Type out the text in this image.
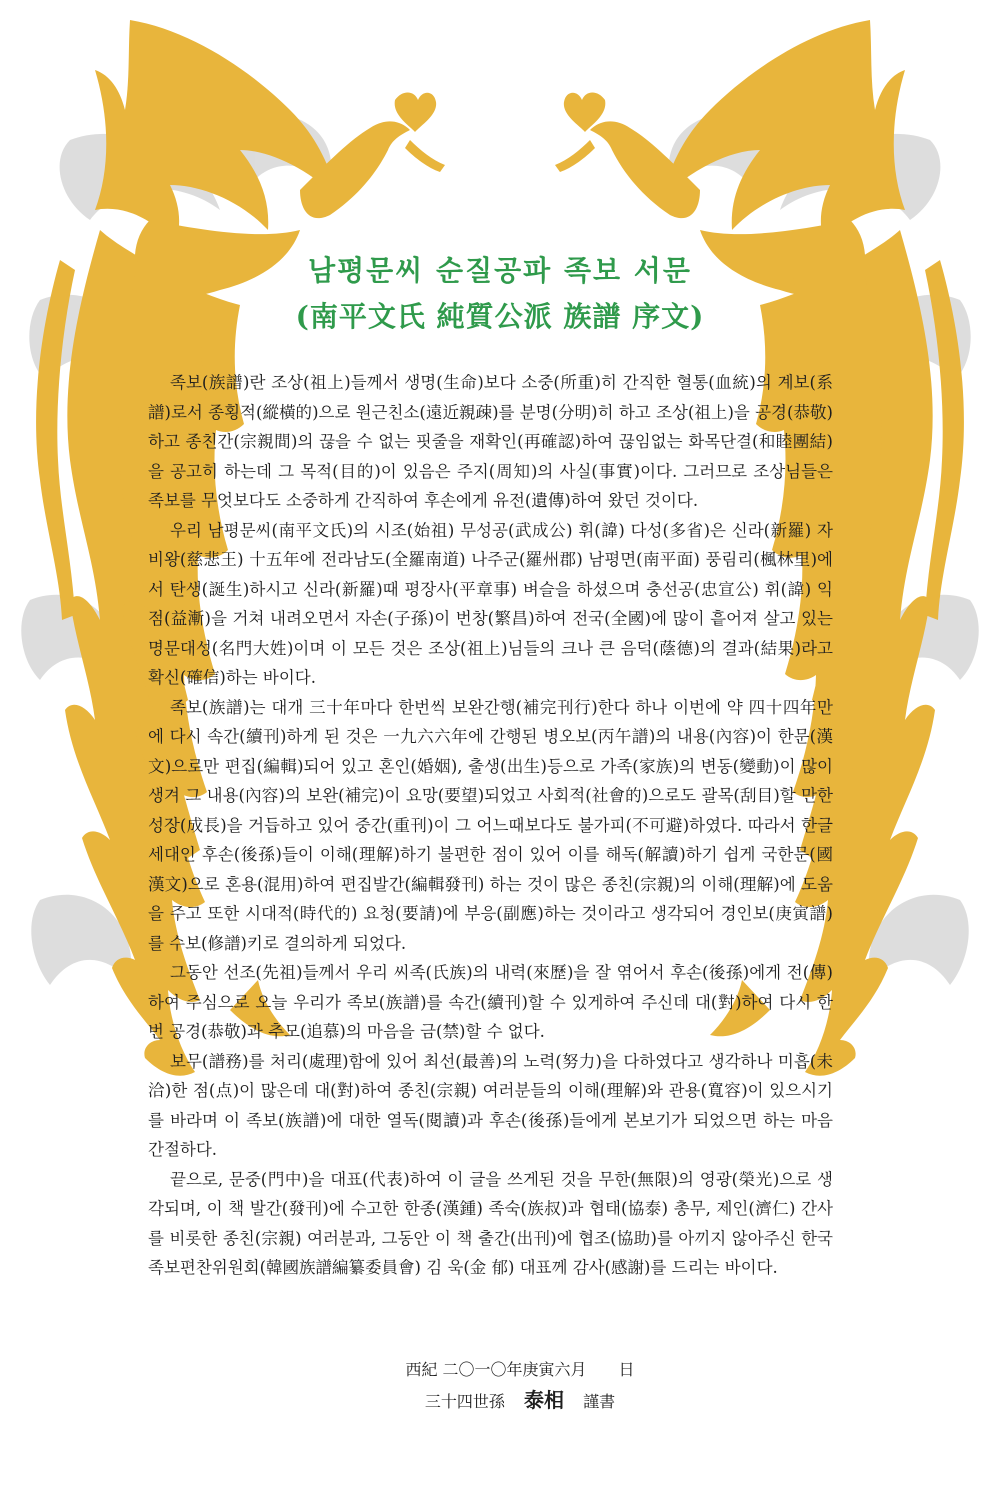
남평문씨 순질공파 족보 서문
(南平文氏 純質公派 族譜 序文)

족보(族譜)란 조상(祖上)들께서 생명(生命)보다 소중(所重)히 간직한 혈통(血統)의 계보(系譜)로서 종횡적(縱橫的)으로 원근친소(遠近親疎)를 분명(分明)히 하고 조상(祖上)을 공경(恭敬)하고 종친간(宗親間)의 끊을 수 없는 핏줄을 재확인(再確認)하여 끊임없는 화목단결(和睦團結)을 공고히 하는데 그 목적(目的)이 있음은 주지(周知)의 사실(事實)이다. 그러므로 조상님들은 족보를 무엇보다도 소중하게 간직하여 후손에게 유전(遺傳)하여 왔던 것이다.

우리 남평문씨(南平文氏)의 시조(始祖) 무성공(武成公) 휘(諱) 다성(多省)은 신라(新羅) 자비왕(慈悲王) 十五年에 전라남도(全羅南道) 나주군(羅州郡) 남평면(南平面) 풍림리(楓林里)에서 탄생(誕生)하시고 신라(新羅)때 평장사(平章事) 벼슬을 하셨으며 충선공(忠宣公) 휘(諱) 익점(益漸)을 거쳐 내려오면서 자손(子孫)이 번창(繁昌)하여 전국(全國)에 많이 흩어져 살고 있는 명문대성(名門大姓)이며 이 모든 것은 조상(祖上)님들의 크나 큰 음덕(蔭德)의 결과(結果)라고 확신(確信)하는 바이다.

족보(族譜)는 대개 三十年마다 한번씩 보완간행(補完刊行)한다 하나 이번에 약 四十四年만에 다시 속간(續刊)하게 된 것은 一九六六年에 간행된 병오보(丙午譜)의 내용(內容)이 한문(漢文)으로만 편집(編輯)되어 있고 혼인(婚姻), 출생(出生)등으로 가족(家族)의 변동(變動)이 많이 생겨 그 내용(內容)의 보완(補完)이 요망(要望)되었고 사회적(社會的)으로도 괄목(刮目)할 만한 성장(成長)을 거듭하고 있어 중간(重刊)이 그 어느때보다도 불가피(不可避)하였다. 따라서 한글 세대인 후손(後孫)들이 이해(理解)하기 불편한 점이 있어 이를 해독(解讀)하기 쉽게 국한문(國漢文)으로 혼용(混用)하여 편집발간(編輯發刊) 하는 것이 많은 종친(宗親)의 이해(理解)에 도움을 주고 또한 시대적(時代的) 요청(要請)에 부응(副應)하는 것이라고 생각되어 경인보(庚寅譜)를 수보(修譜)키로 결의하게 되었다.

그동안 선조(先祖)들께서 우리 씨족(氏族)의 내력(來歷)을 잘 엮어서 후손(後孫)에게 전(傳)하여 주심으로 오늘 우리가 족보(族譜)를 속간(續刊)할 수 있게하여 주신데 대(對)하여 다시 한번 공경(恭敬)과 추모(追慕)의 마음을 금(禁)할 수 없다.

보무(譜務)를 처리(處理)함에 있어 최선(最善)의 노력(努力)을 다하였다고 생각하나 미흡(未洽)한 점(点)이 많은데 대(對)하여 종친(宗親) 여러분들의 이해(理解)와 관용(寬容)이 있으시기를 바라며 이 족보(族譜)에 대한 열독(閱讀)과 후손(後孫)들에게 본보기가 되었으면 하는 마음 간절하다.

끝으로, 문중(門中)을 대표(代表)하여 이 글을 쓰게된 것을 무한(無限)의 영광(榮光)으로 생각되며, 이 책 발간(發刊)에 수고한 한종(漢鍾) 족숙(族叔)과 협태(協泰) 총무, 제인(濟仁) 간사를 비롯한 종친(宗親) 여러분과, 그동안 이 책 출간(出刊)에 협조(協助)를 아끼지 않아주신 한국족보편찬위원회(韓國族譜編纂委員會) 김 욱(金 郁) 대표께 감사(感謝)를 드리는 바이다.

西紀 二〇一〇年庚寅六月　　日
三十四世孫 泰相 謹書
